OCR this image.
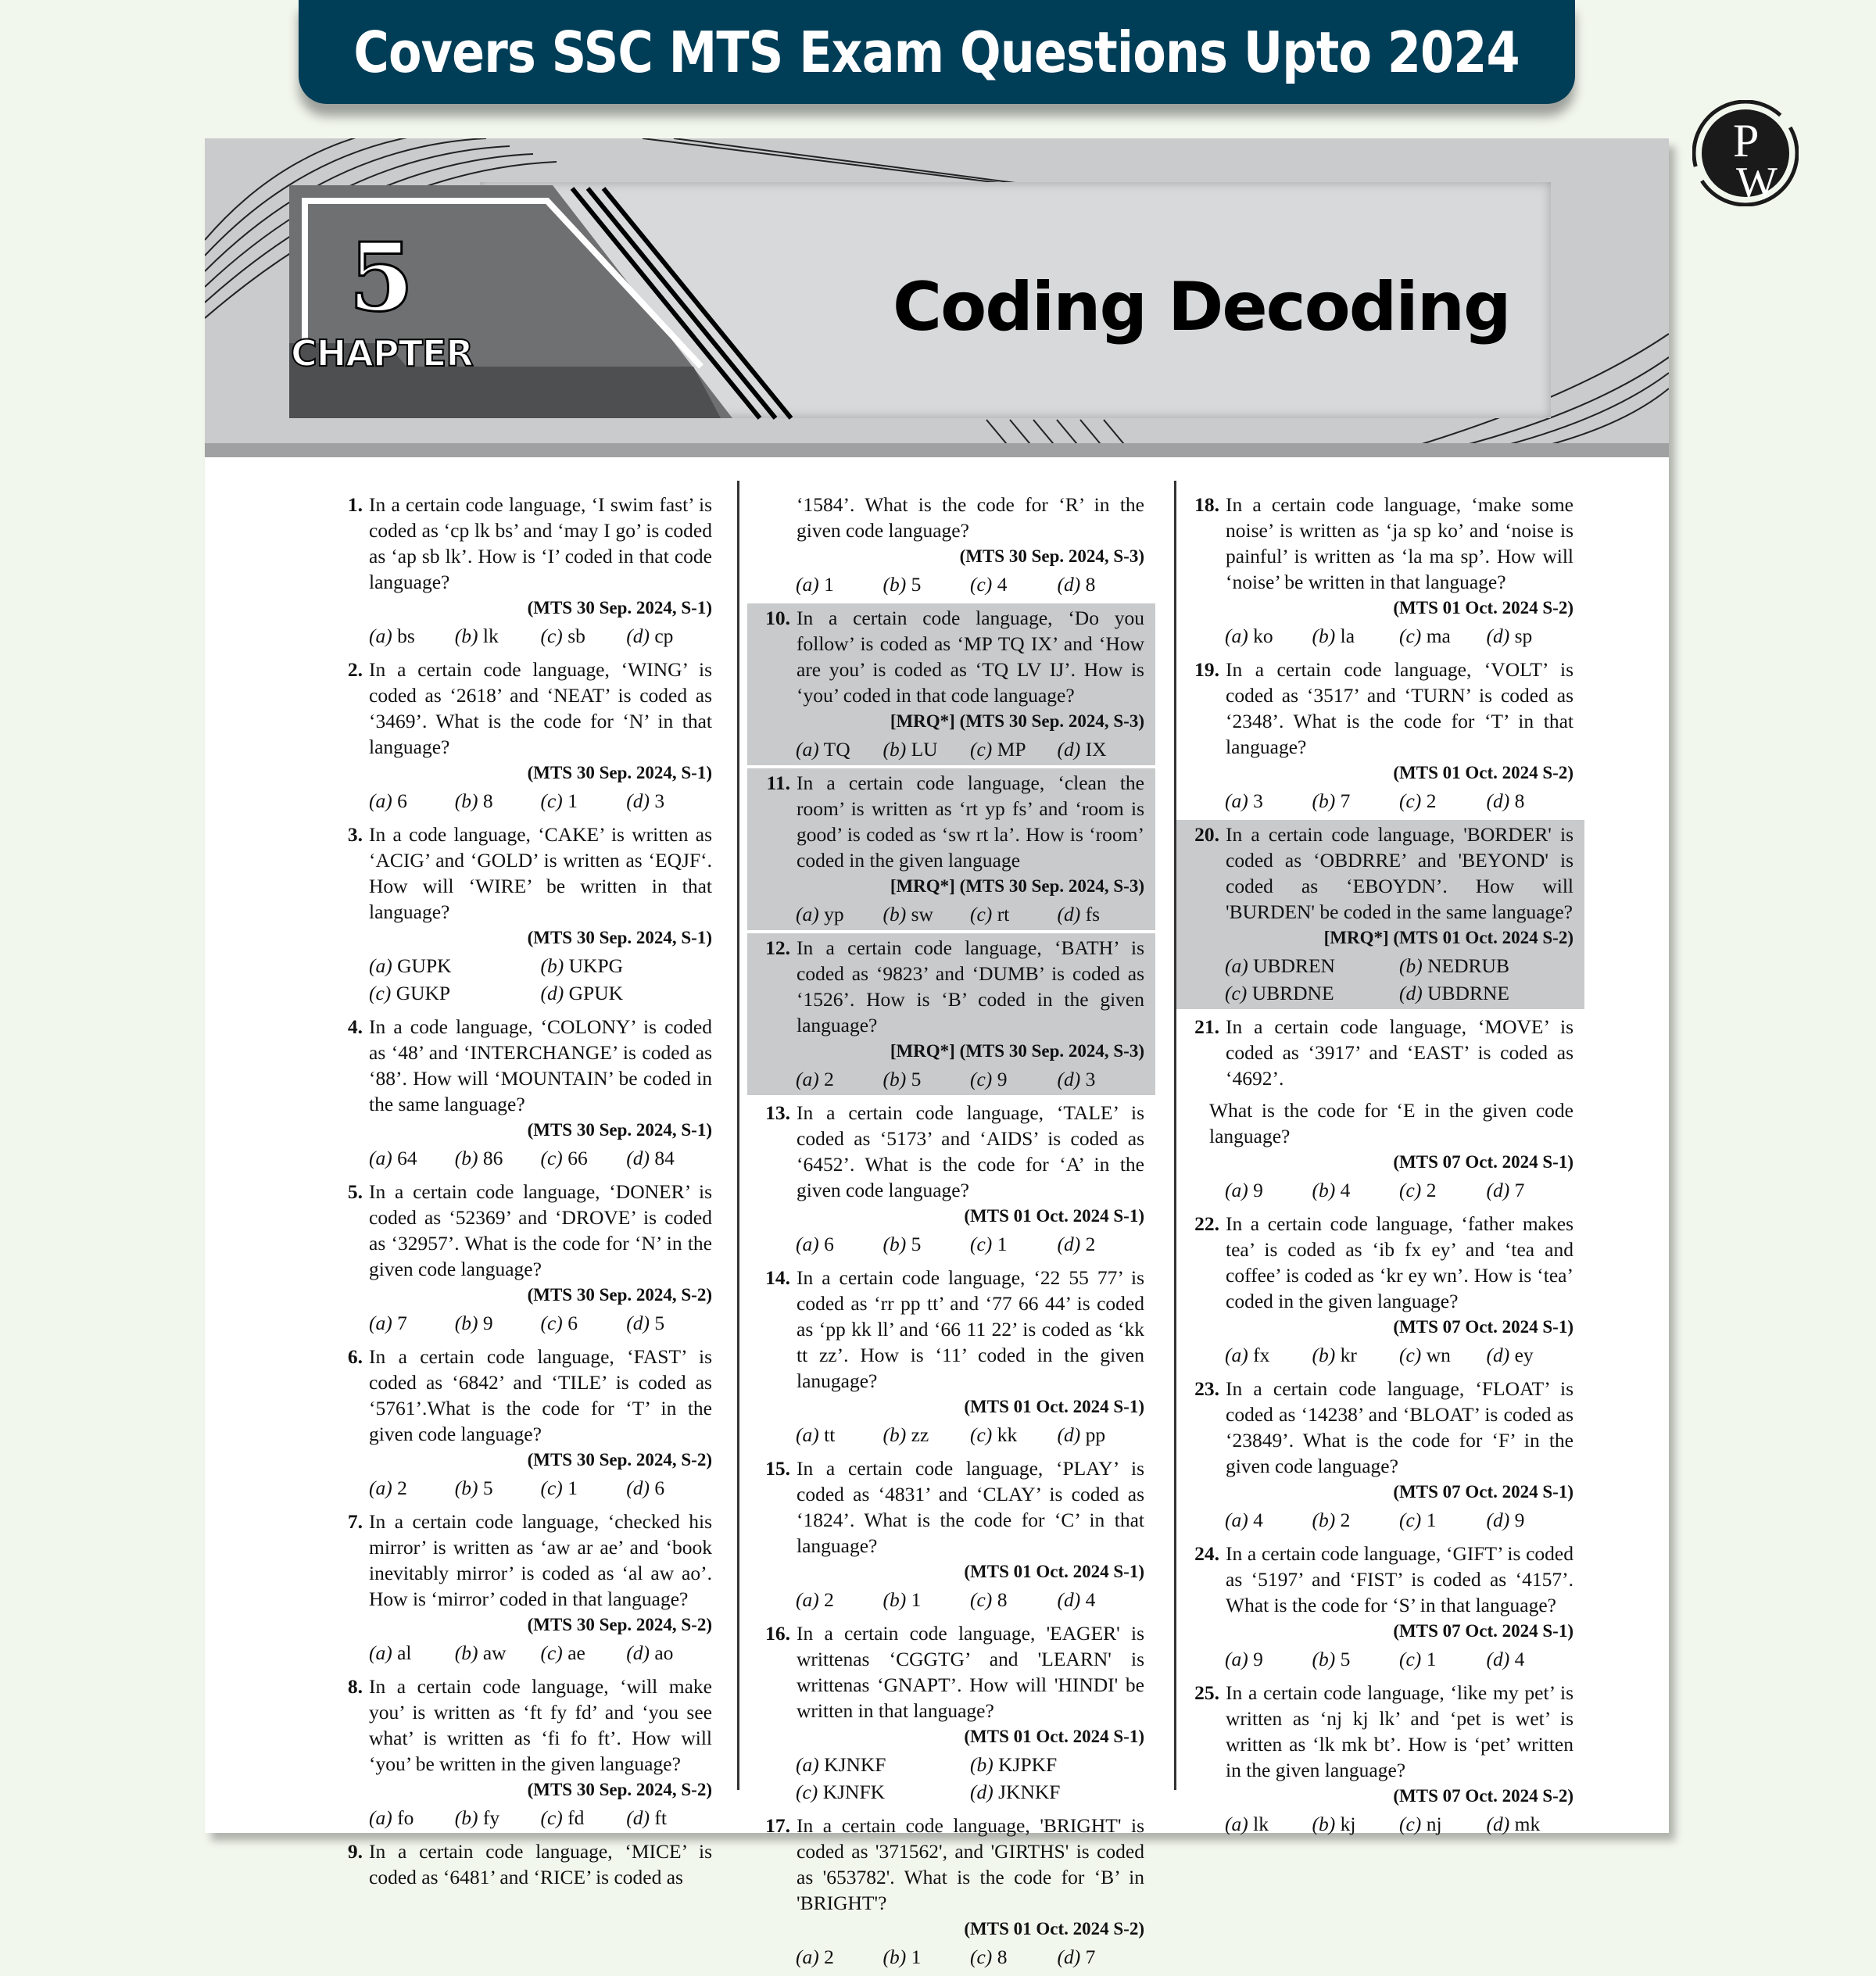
Covers SSC MTS Exam Questions Upto 2024
P
W
5
CHAPTER
Coding Decoding
1. In a certain code language, ‘I swim fast’ is coded as ‘cp lk bs’ and ‘may I go’ is coded as ‘ap sb lk’. How is ‘I’ coded in that code language?
(MTS 30 Sep. 2024, S-1)
(a) bs	(b) lk	(c) sb	(d) cp
2. In a certain code language, ‘WING’ is coded as ‘2618’ and ‘NEAT’ is coded as ‘3469’. What is the code for ‘N’ in that language?
(MTS 30 Sep. 2024, S-1)
(a) 6	(b) 8	(c) 1	(d) 3
3. In a code language, ‘CAKE’ is written as ‘ACIG’ and ‘GOLD’ is written as ‘EQJF‘. How will ‘WIRE’ be written in that language?
(MTS 30 Sep. 2024, S-1)
(a) GUPK	(b) UKPG
(c) GUKP	(d) GPUK
4. In a code language, ‘COLONY’ is coded as ‘48’ and ‘INTERCHANGE’ is coded as ‘88’. How will ‘MOUNTAIN’ be coded in the same language?
(MTS 30 Sep. 2024, S-1)
(a) 64	(b) 86	(c) 66	(d) 84
5. In a certain code language, ‘DONER’ is coded as ‘52369’ and ‘DROVE’ is coded as ‘32957’. What is the code for ‘N’ in the given code language?
(MTS 30 Sep. 2024, S-2)
(a) 7	(b) 9	(c) 6	(d) 5
6. In a certain code language, ‘FAST’ is coded as ‘6842’ and ‘TILE’ is coded as ‘5761’.What is the code for ‘T’ in the given code language?
(MTS 30 Sep. 2024, S-2)
(a) 2	(b) 5	(c) 1	(d) 6
7. In a certain code language, ‘checked his mirror’ is written as ‘aw ar ae’ and ‘book inevitably mirror’ is coded as ‘al aw ao’. How is ‘mirror’ coded in that language?
(MTS 30 Sep. 2024, S-2)
(a) al	(b) aw	(c) ae	(d) ao
8. In a certain code language, ‘will make you’ is written as ‘ft fy fd’ and ‘you see what’ is written as ‘fi fo ft’. How will ‘you’ be written in the given language?
(MTS 30 Sep. 2024, S-2)
(a) fo	(b) fy	(c) fd	(d) ft
9. In a certain code language, ‘MICE’ is coded as ‘6481’ and ‘RICE’ is coded as
‘1584’. What is the code for ‘R’ in the given code language?
(MTS 30 Sep. 2024, S-3)
(a) 1	(b) 5	(c) 4	(d) 8
10. In a certain code language, ‘Do you follow’ is coded as ‘MP TQ IX’ and ‘How are you’ is coded as ‘TQ LV IJ’. How is ‘you’ coded in that code language?
[MRQ*] (MTS 30 Sep. 2024, S-3)
(a) TQ	(b) LU	(c) MP	(d) IX
11. In a certain code language, ‘clean the room’ is written as ‘rt yp fs’ and ‘room is good’ is coded as ‘sw rt la’. How is ‘room’ coded in the given language
[MRQ*] (MTS 30 Sep. 2024, S-3)
(a) yp	(b) sw	(c) rt	(d) fs
12. In a certain code language, ‘BATH’ is coded as ‘9823’ and ‘DUMB’ is coded as ‘1526’. How is ‘B’ coded in the given language?
[MRQ*] (MTS 30 Sep. 2024, S-3)
(a) 2	(b) 5	(c) 9	(d) 3
13. In a certain code language, ‘TALE’ is coded as ‘5173’ and ‘AIDS’ is coded as ‘6452’. What is the code for ‘A’ in the given code language?
(MTS 01 Oct. 2024 S-1)
(a) 6	(b) 5	(c) 1	(d) 2
14. In a certain code language, ‘22 55 77’ is coded as ‘rr pp tt’ and ‘77 66 44’ is coded as ‘pp kk ll’ and ‘66 11 22’ is coded as ‘kk tt zz’. How is ‘11’ coded in the given lanugage?
(MTS 01 Oct. 2024 S-1)
(a) tt	(b) zz	(c) kk	(d) pp
15. In a certain code language, ‘PLAY’ is coded as ‘4831’ and ‘CLAY’ is coded as ‘1824’. What is the code for ‘C’ in that language?
(MTS 01 Oct. 2024 S-1)
(a) 2	(b) 1	(c) 8	(d) 4
16. In a certain code language, 'EAGER' is writtenas ‘CGGTG’ and 'LEARN' is writtenas ‘GNAPT’. How will 'HINDI' be written in that language?
(MTS 01 Oct. 2024 S-1)
(a) KJNKF	(b) KJPKF
(c) KJNFK	(d) JKNKF
17. In a certain code language, 'BRIGHT' is coded as '371562', and 'GIRTHS' is coded as '653782'. What is the code for ‘B’ in 'BRIGHT'?
(MTS 01 Oct. 2024 S-2)
(a) 2	(b) 1	(c) 8	(d) 7
18. In a certain code language, ‘make some noise’ is written as ‘ja sp ko’ and ‘noise is painful’ is written as ‘la ma sp’. How will ‘noise’ be written in that language?
(MTS 01 Oct. 2024 S-2)
(a) ko	(b) la	(c) ma	(d) sp
19. In a certain code language, ‘VOLT’ is coded as ‘3517’ and ‘TURN’ is coded as ‘2348’. What is the code for ‘T’ in that language?
(MTS 01 Oct. 2024 S-2)
(a) 3	(b) 7	(c) 2	(d) 8
20. In a certain code language, 'BORDER' is coded as ‘OBDRRE’ and 'BEYOND' is coded as ‘EBOYDN’. How will 'BURDEN' be coded in the same language?
[MRQ*] (MTS 01 Oct. 2024 S-2)
(a) UBDREN	(b) NEDRUB
(c) UBRDNE	(d) UBDRNE
21. In a certain code language, ‘MOVE’ is coded as ‘3917’ and ‘EAST’ is coded as ‘4692’.
What is the code for ‘E in the given code language?
(MTS 07 Oct. 2024 S-1)
(a) 9	(b) 4	(c) 2	(d) 7
22. In a certain code language, ‘father makes tea’ is coded as ‘ib fx ey’ and ‘tea and coffee’ is coded as ‘kr ey wn’. How is ‘tea’ coded in the given language?
(MTS 07 Oct. 2024 S-1)
(a) fx	(b) kr	(c) wn	(d) ey
23. In a certain code language, ‘FLOAT’ is coded as ‘14238’ and ‘BLOAT’ is coded as ‘23849’. What is the code for ‘F’ in the given code language?
(MTS 07 Oct. 2024 S-1)
(a) 4	(b) 2	(c) 1	(d) 9
24. In a certain code language, ‘GIFT’ is coded as ‘5197’ and ‘FIST’ is coded as ‘4157’. What is the code for ‘S’ in that language?
(MTS 07 Oct. 2024 S-1)
(a) 9	(b) 5	(c) 1	(d) 4
25. In a certain code language, ‘like my pet’ is written as ‘nj kj lk’ and ‘pet is wet’ is written as ‘lk mk bt’. How is ‘pet’ written in the given language?
(MTS 07 Oct. 2024 S-2)
(a) lk	(b) kj	(c) nj	(d) mk
